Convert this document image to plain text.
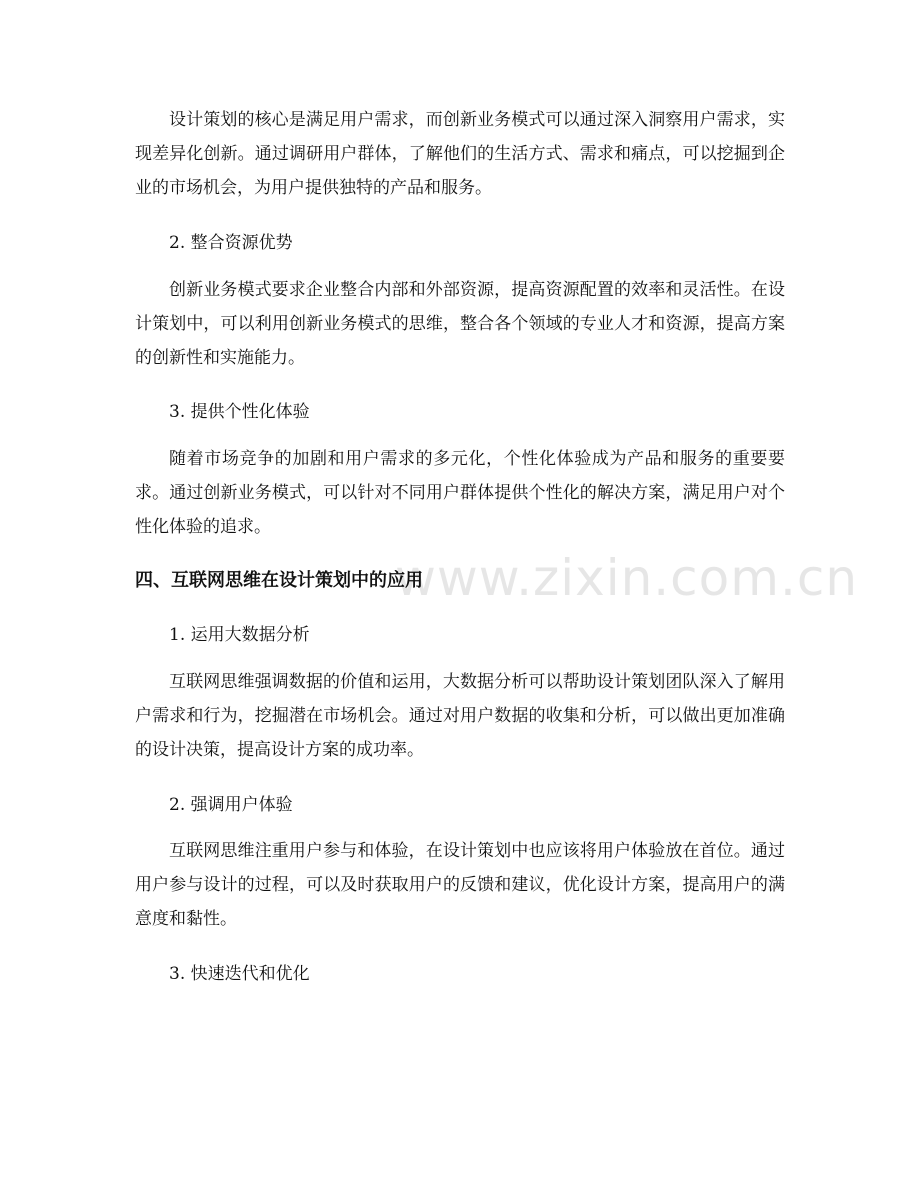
www.zixin.com.cn

设计策划的核心是满足用户需求，而创新业务模式可以通过深入洞察用户需求，实现差异化创新。通过调研用户群体，了解他们的生活方式、需求和痛点，可以挖掘到企业的市场机会，为用户提供独特的产品和服务。

2. 整合资源优势

创新业务模式要求企业整合内部和外部资源，提高资源配置的效率和灵活性。在设计策划中，可以利用创新业务模式的思维，整合各个领域的专业人才和资源，提高方案的创新性和实施能力。

3. 提供个性化体验

随着市场竞争的加剧和用户需求的多元化，个性化体验成为产品和服务的重要要求。通过创新业务模式，可以针对不同用户群体提供个性化的解决方案，满足用户对个性化体验的追求。

四、互联网思维在设计策划中的应用

1. 运用大数据分析

互联网思维强调数据的价值和运用，大数据分析可以帮助设计策划团队深入了解用户需求和行为，挖掘潜在市场机会。通过对用户数据的收集和分析，可以做出更加准确的设计决策，提高设计方案的成功率。

2. 强调用户体验

互联网思维注重用户参与和体验，在设计策划中也应该将用户体验放在首位。通过用户参与设计的过程，可以及时获取用户的反馈和建议，优化设计方案，提高用户的满意度和黏性。

3. 快速迭代和优化
